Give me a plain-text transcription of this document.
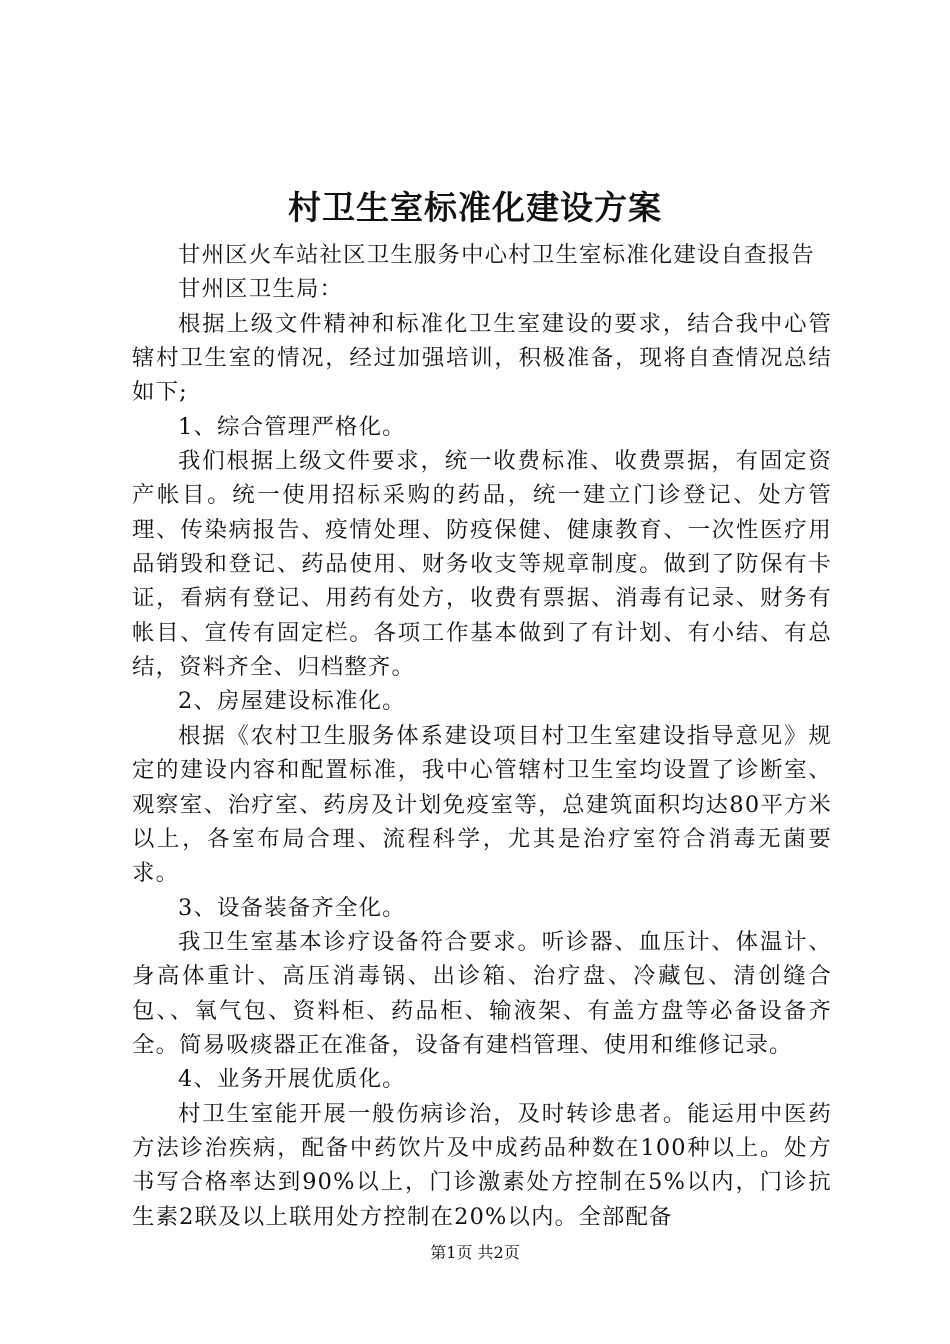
村卫生室标准化建设方案

甘州区火车站社区卫生服务中心村卫生室标准化建设自查报告

甘州区卫生局：

根据上级文件精神和标准化卫生室建设的要求，结合我中心管辖村卫生室的情况，经过加强培训，积极准备，现将自查情况总结如下;

1、综合管理严格化。

我们根据上级文件要求，统一收费标准、收费票据，有固定资产帐目。统一使用招标采购的药品，统一建立门诊登记、处方管理、传染病报告、疫情处理、防疫保健、健康教育、一次性医疗用品销毁和登记、药品使用、财务收支等规章制度。做到了防保有卡证，看病有登记、用药有处方，收费有票据、消毒有记录、财务有帐目、宣传有固定栏。各项工作基本做到了有计划、有小结、有总结，资料齐全、归档整齐。

2、房屋建设标准化。

根据《农村卫生服务体系建设项目村卫生室建设指导意见》规定的建设内容和配置标准，我中心管辖村卫生室均设置了诊断室、观察室、治疗室、药房及计划免疫室等，总建筑面积均达80平方米以上，各室布局合理、流程科学，尤其是治疗室符合消毒无菌要求。

3、设备装备齐全化。

我卫生室基本诊疗设备符合要求。听诊器、血压计、体温计、身高体重计、高压消毒锅、出诊箱、治疗盘、冷藏包、清创缝合包、、氧气包、资料柜、药品柜、输液架、有盖方盘等必备设备齐全。简易吸痰器正在准备，设备有建档管理、使用和维修记录。

4、业务开展优质化。

村卫生室能开展一般伤病诊治，及时转诊患者。能运用中医药方法诊治疾病，配备中药饮片及中成药品种数在100种以上。处方书写合格率达到90%以上，门诊激素处方控制在5%以内，门诊抗生素2联及以上联用处方控制在20%以内。全部配备

第1页 共2页
